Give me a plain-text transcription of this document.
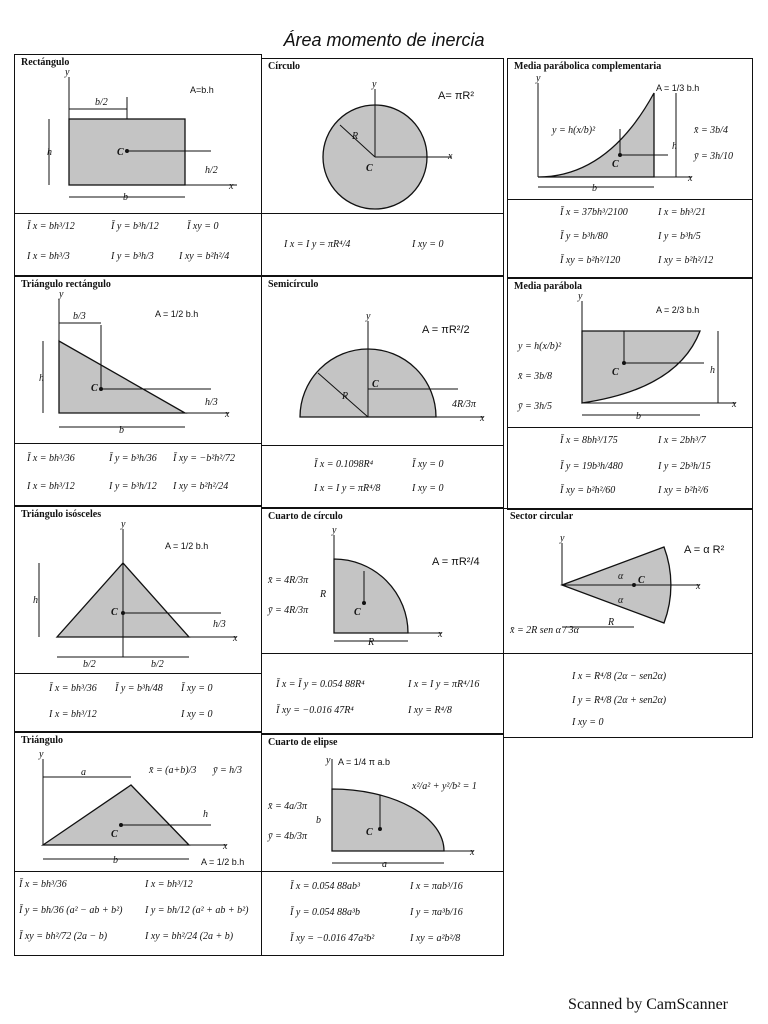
Área momento de inercia
Rectángulo
y
x
A=b.h
C
b/2
h
h/2
b
Ī x = bh³/12	Ī y = b³h/12	Ī xy = 0
I x = bh³/3	I y = b³h/3	I xy = b²h²/4
Círculo
y
x
R
C
A= πR²
I x = I y = πR⁴/4	I xy = 0
Media parábolica complementaria
y
x
A = 1/3 b.h
y = h(x/b)²
C
h
b
x̄ = 3b/4
ȳ = 3h/10
Ī x = 37bh³/2100	I x = bh³/21
Ī y = b³h/80	I y = b³h/5
Ī xy = b²h²/120	I xy = b²h²/12
Triángulo rectángulo
y
x
A = 1/2 b.h
C
b/3
h
h/3
b
Ī x = bh³/36	Ī y = b³h/36 Ī xy = −b²h²/72
I x = bh³/12	I y = b³h/12 I xy = b²h²/24
Semicírculo
y
x
R
C
4R/3π
A = πR²/2
Ī x = 0.1098R⁴	Ī xy = 0
I x = I y = πR⁴/8	I xy = 0
Media parábola
y
x
A = 2/3 b.h
y = h(x/b)²
C
x̄ = 3b/8
ȳ = 3h/5
h
b
Ī x = 8bh³/175	I x = 2bh³/7
Ī y = 19b³h/480	I y = 2b³h/15
Ī xy = b²h²/60	I xy = b²h²/6
Triángulo isósceles
y
x
A = 1/2 b.h
C
h
h/3
b/2	b/2
Ī x = bh³/36 Ī y = b³h/48 Ī xy = 0
I x = bh³/12	I xy = 0
Cuarto de círculo
y
x
A = πR²/4
C
x̄ = 4R/3π
ȳ = 4R/3π
R
R
Ī x = Ī y = 0.054 88R⁴	I x = I y = πR⁴/16
Ī xy = −0.016 47R⁴	I xy = R⁴/8
Sector circular
y
x
A = α R²
α
α
C
R
x̄ = 2R sen α / 3α
I x = R⁴/8 (2α − sen2α)
I y = R⁴/8 (2α + sen2α)
I xy = 0
Triángulo
y
x
a	x̄ = (a+b)/3 ȳ = h/3
C
h
b	A = 1/2 b.h
Ī x = bh³/36	I x = bh³/12
Ī y = bh/36 (a² − ab + b²) I y = bh/12 (a² + ab + b²)
Ī xy = bh²/72 (2a − b)	I xy = bh²/24 (2a + b)
Cuarto de elipse
y
x
A = 1/4 π a.b
x²/a² + y²/b² = 1
C
x̄ = 4a/3π
ȳ = 4b/3π
b
a
Ī x = 0.054 88ab³	I x = πab³/16
Ī y = 0.054 88a³b	I y = πa³b/16
Ī xy = −0.016 47a²b²	I xy = a²b²/8
Scanned by CamScanner
